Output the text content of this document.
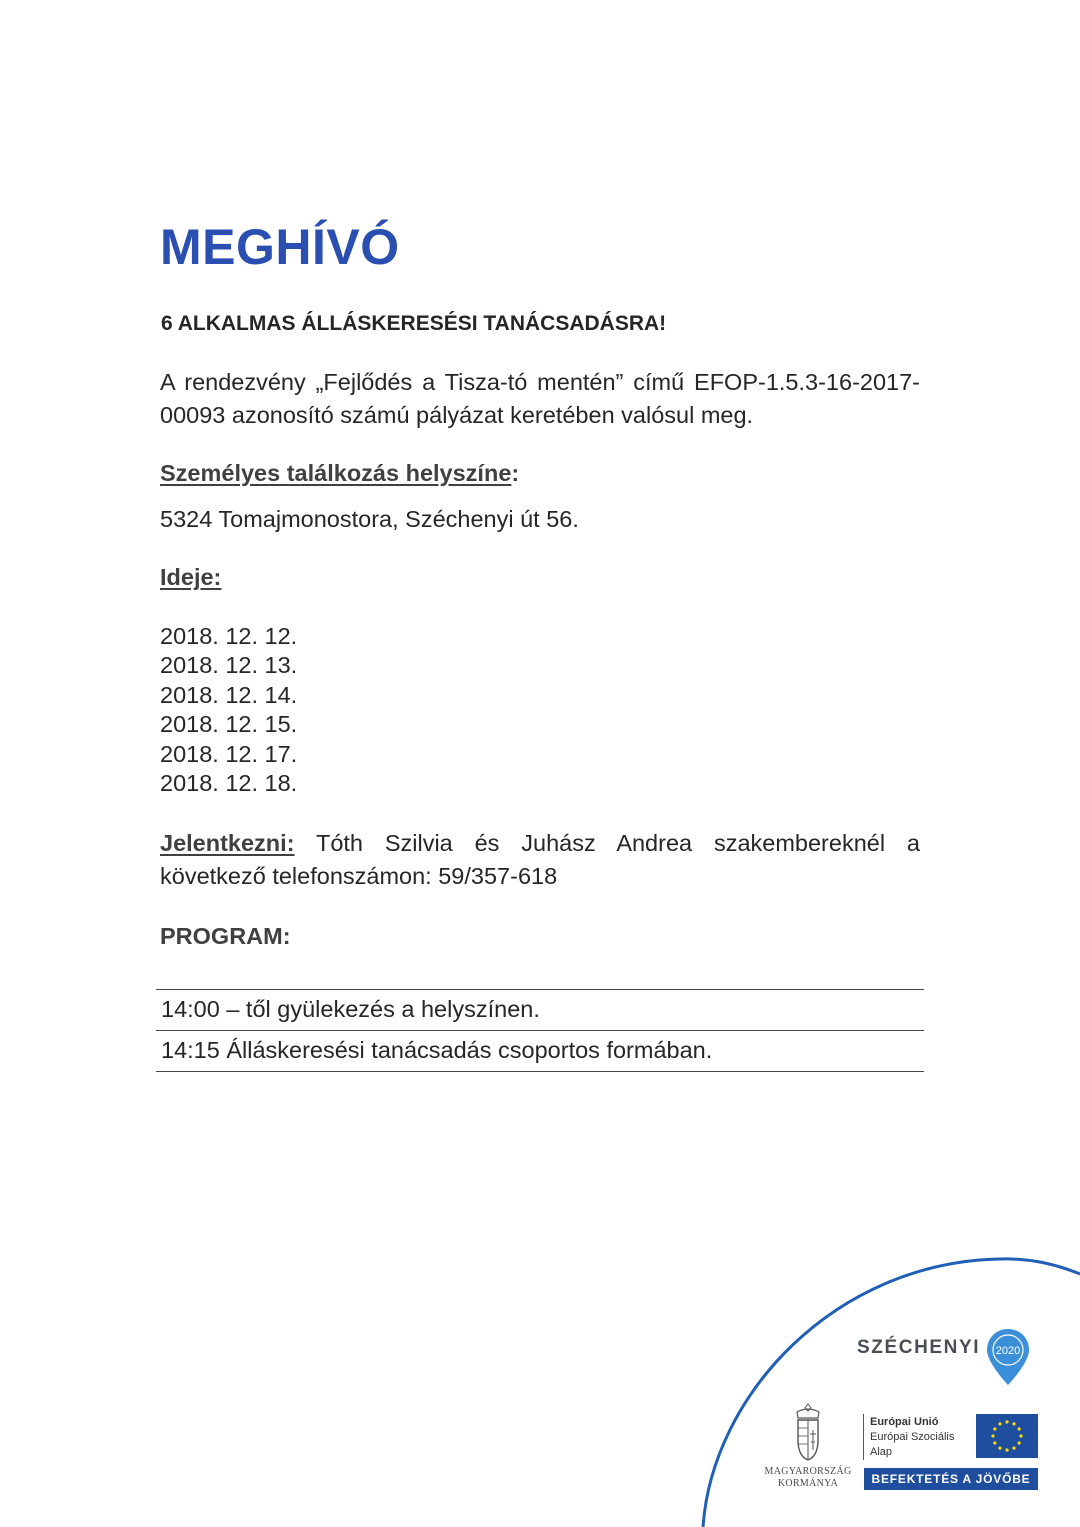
MEGHÍVÓ

6 ALKALMAS ÁLLÁSKERESÉSI TANÁCSADÁSRA!

A rendezvény „Fejlődés a Tisza-tó mentén” című EFOP-1.5.3-16-2017-00093 azonosító számú pályázat keretében valósul meg.

Személyes találkozás helyszíne:

5324 Tomajmonostora, Széchenyi út 56.

Ideje:

2018. 12. 12.
2018. 12. 13.
2018. 12. 14.
2018. 12. 15.
2018. 12. 17.
2018. 12. 18.

Jelentkezni: Tóth Szilvia és Juhász Andrea szakembereknél a következő telefonszámon: 59/357-618

PROGRAM:

14:00 – től gyülekezés a helyszínen.
14:15 Álláskeresési tanácsadás csoportos formában.
SZÉCHENYI 2020
MAGYARORSZÁG
KORMÁNYA
Európai Unió
Európai Szociális
Alap
BEFEKTETÉS A JÖVŐBE
